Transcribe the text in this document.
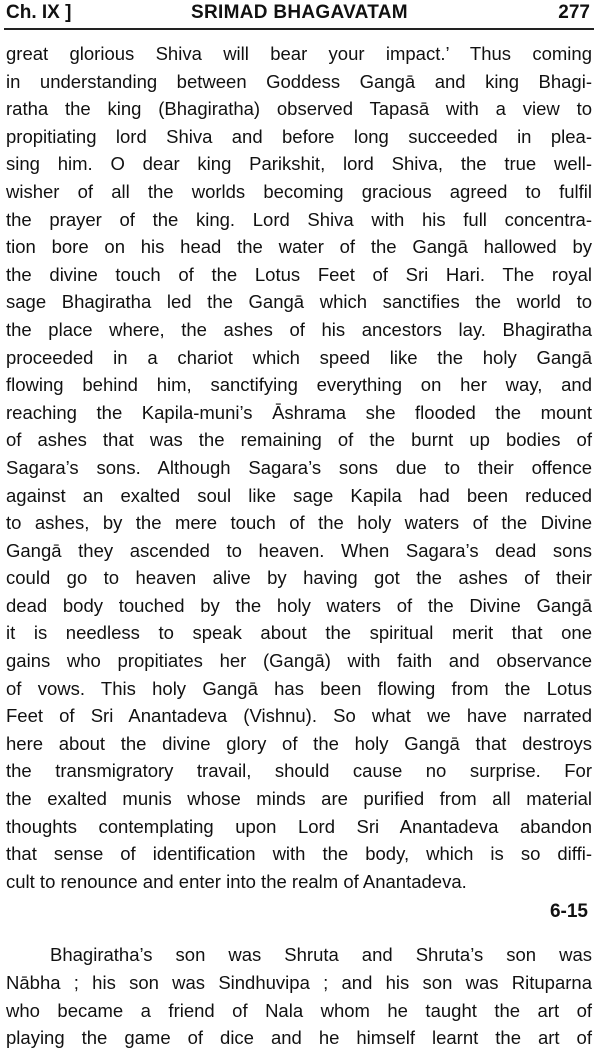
Ch. IX ]	SRIMAD BHAGAVATAM	277
great glorious Shiva will bear your impact.’ Thus coming
in understanding between Goddess Gangā and king Bhagi-
ratha the king (Bhagiratha) observed Tapasā with a view to
propitiating lord Shiva and before long succeeded in plea-
sing him. O dear king Parikshit, lord Shiva, the true well-
wisher of all the worlds becoming gracious agreed to fulfil
the prayer of the king. Lord Shiva with his full concentra-
tion bore on his head the water of the Gangā hallowed by
the divine touch of the Lotus Feet of Sri Hari. The royal
sage Bhagiratha led the Gangā which sanctifies the world to
the place where, the ashes of his ancestors lay. Bhagiratha
proceeded in a chariot which speed like the holy Gangā
flowing behind him, sanctifying everything on her way, and
reaching the Kapila-muni’s Āshrama she flooded the mount
of ashes that was the remaining of the burnt up bodies of
Sagara’s sons. Although Sagara’s sons due to their offence
against an exalted soul like sage Kapila had been reduced
to ashes, by the mere touch of the holy waters of the Divine
Gangā they ascended to heaven. When Sagara’s dead sons
could go to heaven alive by having got the ashes of their
dead body touched by the holy waters of the Divine Gangā
it is needless to speak about the spiritual merit that one
gains who propitiates her (Gangā) with faith and observance
of vows. This holy Gangā has been flowing from the Lotus
Feet of Sri Anantadeva (Vishnu). So what we have narrated
here about the divine glory of the holy Gangā that destroys
the transmigratory travail, should cause no surprise. For
the exalted munis whose minds are purified from all material
thoughts contemplating upon Lord Sri Anantadeva abandon
that sense of identification with the body, which is so diffi-
cult to renounce and enter into the realm of Anantadeva.
6-15
Bhagiratha’s son was Shruta and Shruta’s son was
Nābha ; his son was Sindhuvipa ; and his son was Rituparna
who became a friend of Nala whom he taught the art of
playing the game of dice and he himself learnt the art of
